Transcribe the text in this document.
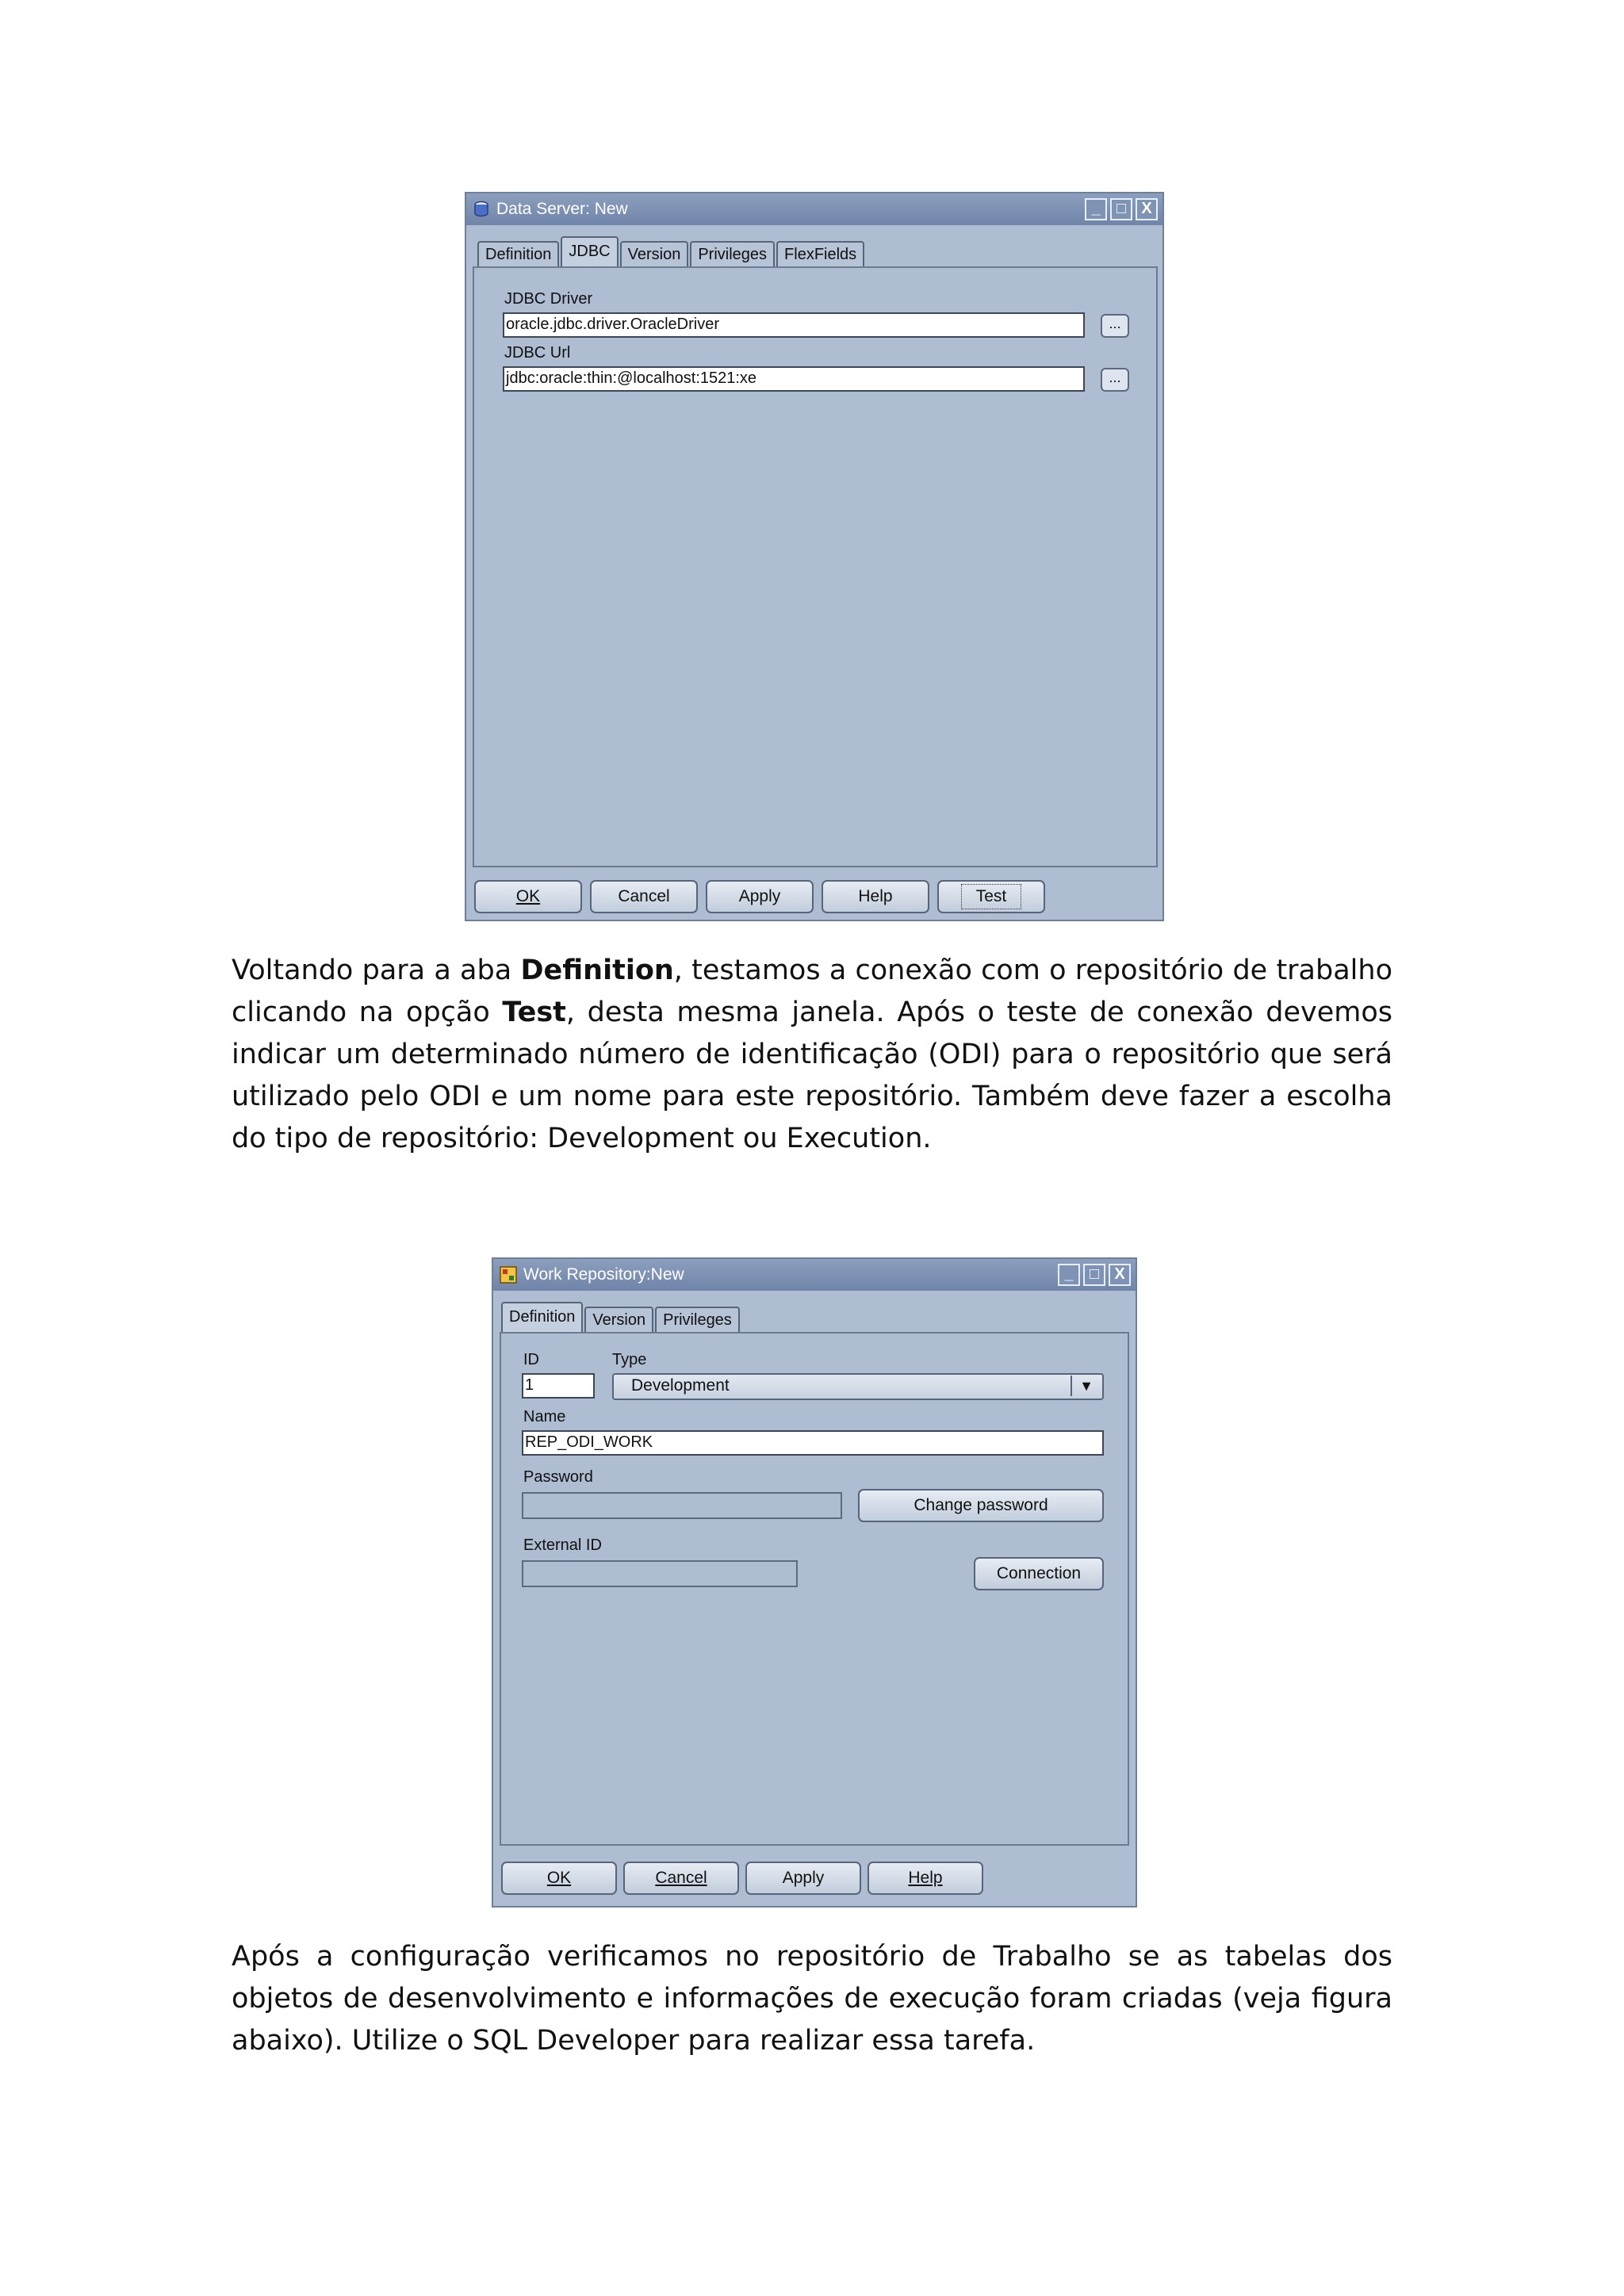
Data Server: New	_	□ X
Definition	JDBC	Version	Privileges	FlexFields
JDBC Driver
oracle.jdbc.driver.OracleDriver	...
JDBC Url
jdbc:oracle:thin:@localhost:1521:xe	...
OK	Cancel	Apply	Help	Test

Voltando para a aba Definition, testamos a conexão com o repositório de trabalho clicando na opção Test, desta mesma janela. Após o teste de conexão devemos indicar um determinado número de identificação (ODI) para o repositório que será utilizado pelo ODI e um nome para este repositório. Também deve fazer a escolha do tipo de repositório: Development ou Execution.

Work Repository:New	_	□ X
Definition	Version	Privileges
ID
1
Type
Development	▼
Name
REP_ODI_WORK
Password
Change password
External ID
Connection
OK	Cancel	Apply	Help

Após a configuração verificamos no repositório de Trabalho se as tabelas dos objetos de desenvolvimento e informações de execução foram criadas (veja figura abaixo). Utilize o SQL Developer para realizar essa tarefa.
